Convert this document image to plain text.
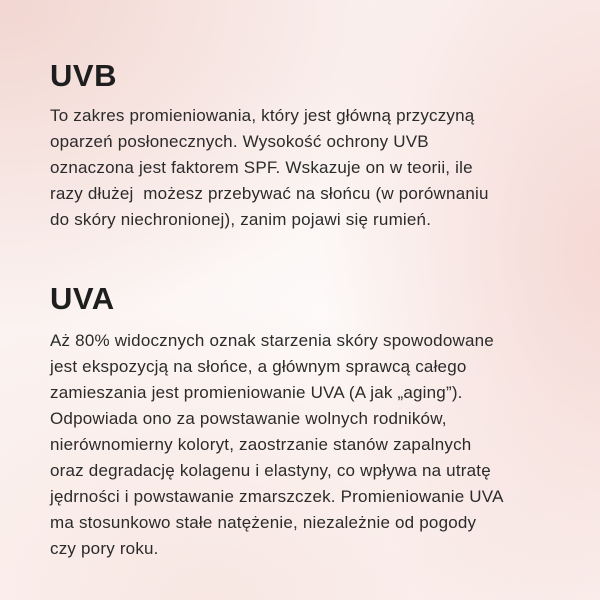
UVB
To zakres promieniowania, który jest główną przyczyną
oparzeń posłonecznych. Wysokość ochrony UVB
oznaczona jest faktorem SPF. Wskazuje on w teorii, ile
razy dłużej  możesz przebywać na słońcu (w porównaniu
do skóry niechronionej), zanim pojawi się rumień.
UVA
Aż 80% widocznych oznak starzenia skóry spowodowane
jest ekspozycją na słońce, a głównym sprawcą całego
zamieszania jest promieniowanie UVA (A jak „aging”).
Odpowiada ono za powstawanie wolnych rodników,
nierównomierny koloryt, zaostrzanie stanów zapalnych
oraz degradację kolagenu i elastyny, co wpływa na utratę
jędrności i powstawanie zmarszczek. Promieniowanie UVA
ma stosunkowo stałe natężenie, niezależnie od pogody
czy pory roku.
